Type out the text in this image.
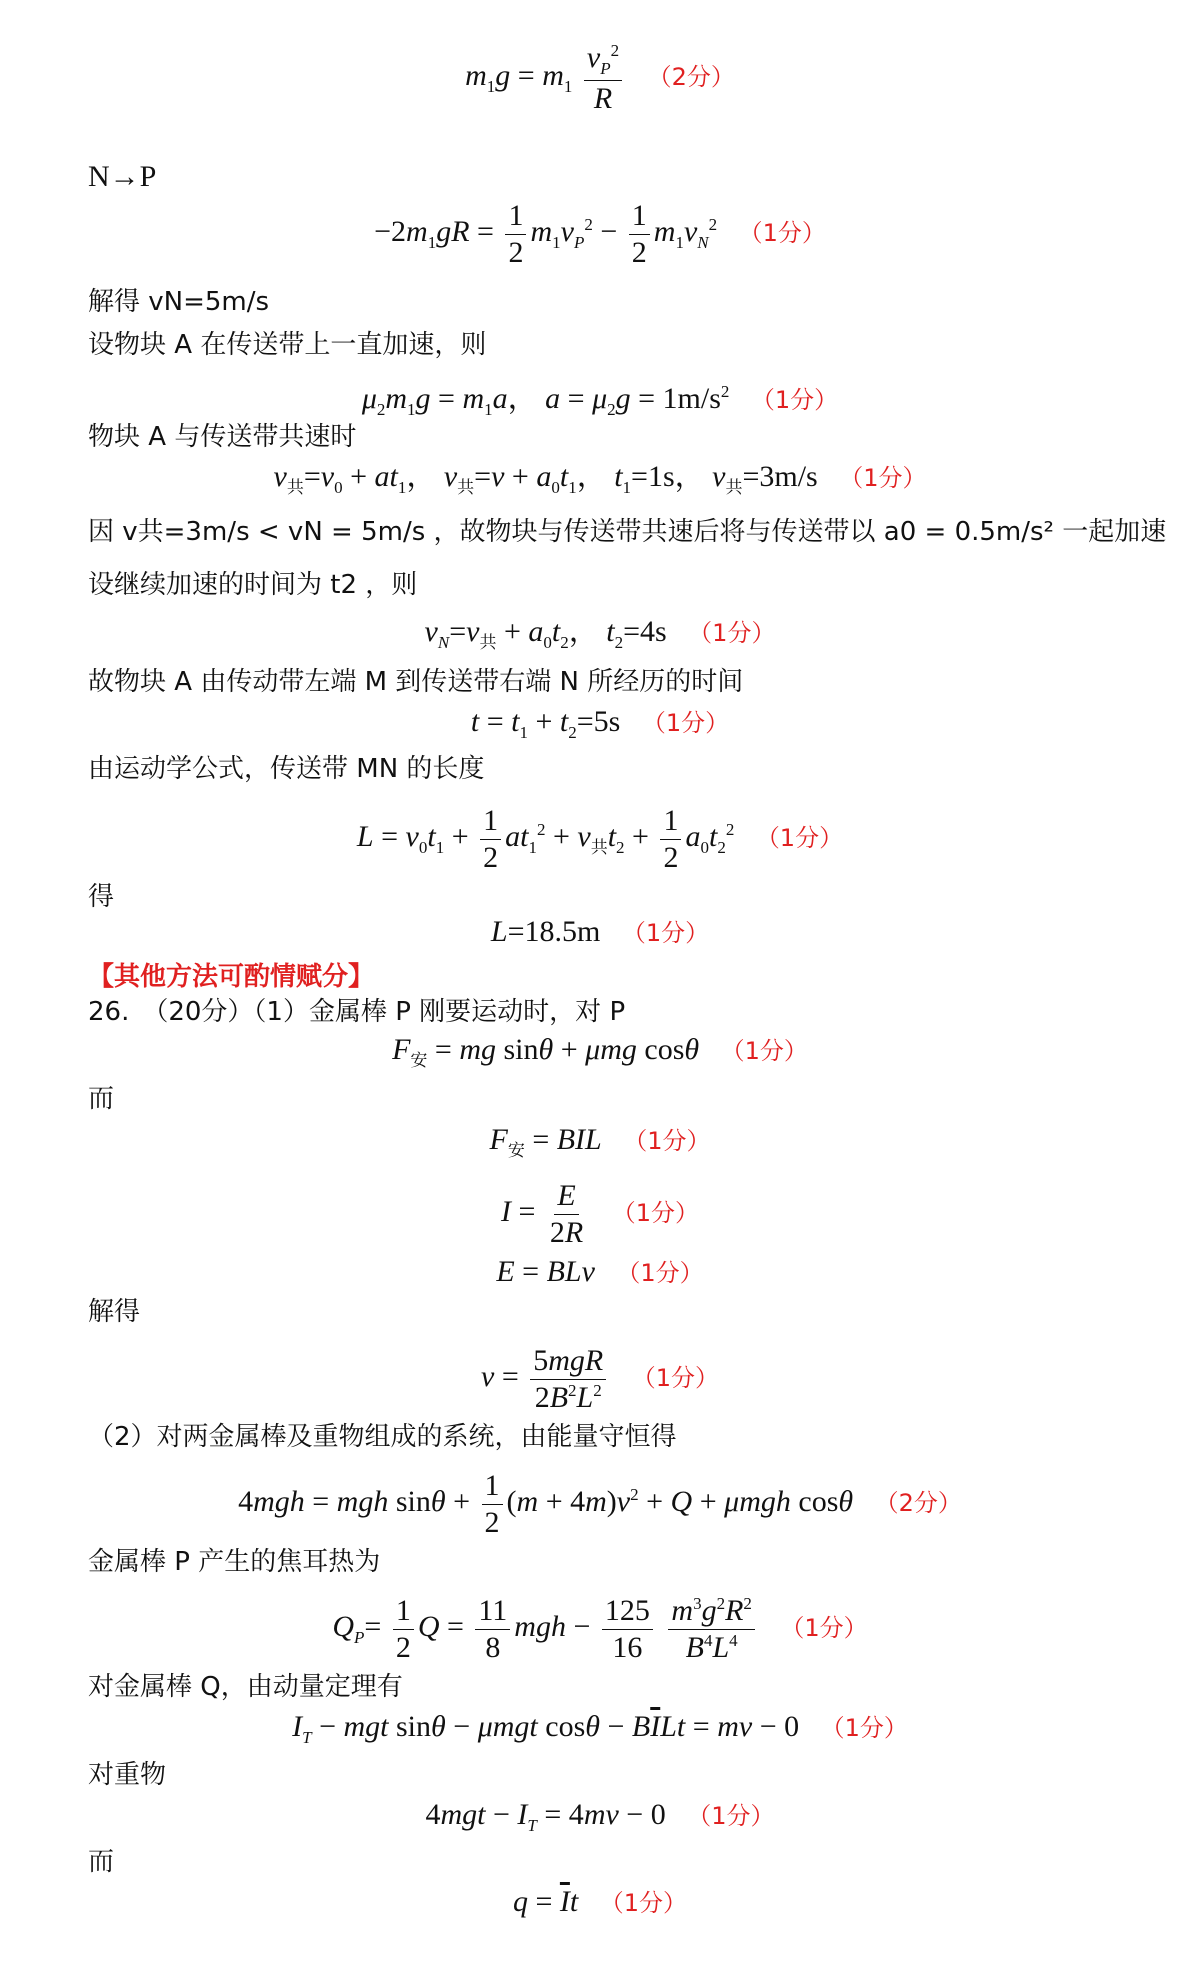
$m_1g = m_1 \frac{v_P^2}{R} (2$分）
N→P
$-2m_1gR = \frac{1}{2} m_1v_P^2 - \frac{1}{2} m_1v_N^2$ （1分）
解得 vN=5m/s
设物块 A 在传送带上一直加速，则
$\mu_2m_1g = m_1a$， $a = \mu_2g = 1m/s^2$ （1分）
物块 A 与传送带共速时
$v_共=v_0 + at_1$， $v_共=v + a_0t_1$， $t_1=1s$， $v_共=3m/s$ （1分）
因 v共=3m/s < vN = 5m/s ，故物块与传送带共速后将与传送带以 a0 = 0.5m/s² 一起加速
设继续加速的时间为 t2 ，则
$v_N=v_共 + a_0t_2$， $t_2=4s$ （1分）
故物块 A 由传动带左端 M 到传送带右端 N 所经历的时间
$t = t_1 + t_2=5s$ （1分）
由运动学公式，传送带 MN 的长度
$L = v_0t_1 + \frac{1}{2} at_1^2 + v_共t_2 + \frac{1}{2} a_0t_2^2$ （1分）
得
L=18.5m （1分）
【其他方法可酌情赋分】
26.　（20分）（1）金属棒 P 刚要运动时，对 P
$F_安$ = mg sinθ + μmg cosθ （1分）
而
$F_安$ = BIL （1分）
$I = \frac{E}{2R} (1$分）
E = BLv （1分）
解得
$v = \frac{\text{5mgR}}{2B^2L^2} (1$分）
（2）对两金属棒及重物组成的系统，由能量守恒得
4mgh = mgh $\sin\theta + \frac{1}{2} (m + 4m)v^2 + Q + \mu mgh$ cosθ （2分）
金属棒 P 产生的焦耳热为
$Q_P= \frac{1}{2}$ $Q = \frac{11}{8}$ mgh − $\frac{125}{16}$
$\frac{m^3g^2R^2}{B^4L^4} (1$分）
对金属棒 Q，由动量定理有
$I_T$ − mgt sinθ − μmgt $\cos\theta - B\overline{I}Lt$ = mv − 0 （1分）
对重物
$4mgt - I_T = 4mv - 0$ （1分）
而
$q = \overline{I}t$ （1分）
